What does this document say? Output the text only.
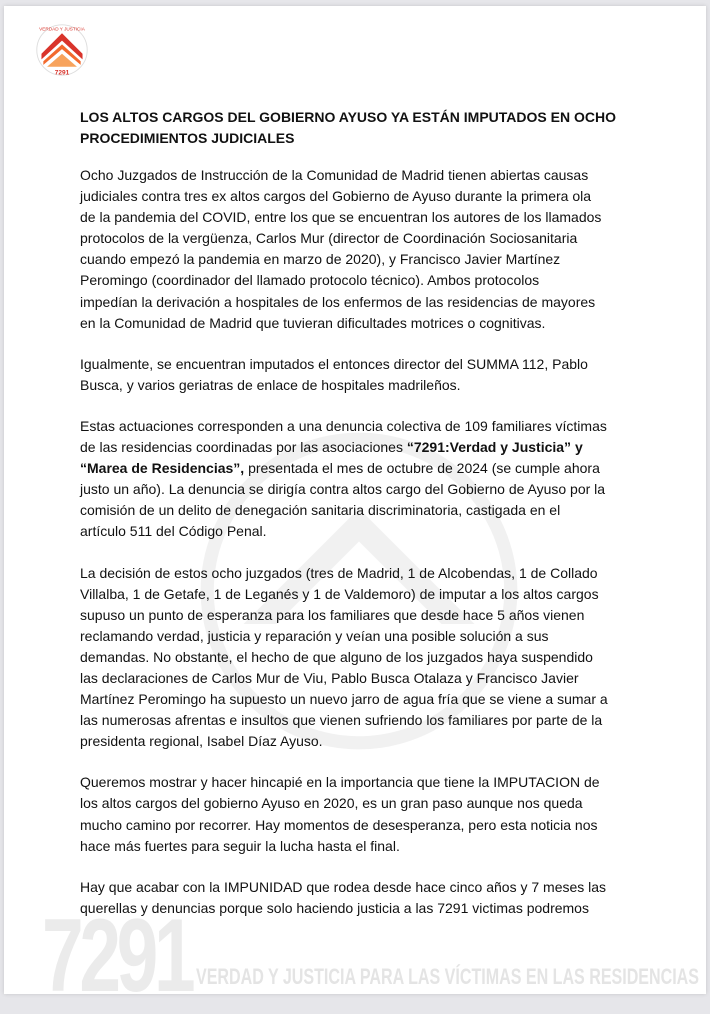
7291
VERDAD Y JUSTICIA
LOS ALTOS CARGOS DEL GOBIERNO AYUSO YA ESTÁN IMPUTADOS EN OCHO
PROCEDIMIENTOS JUDICIALES
Ocho Juzgados de Instrucción de la Comunidad de Madrid tienen abiertas causas
judiciales contra tres ex altos cargos del Gobierno de Ayuso durante la primera ola
de la pandemia del COVID, entre los que se encuentran los autores de los llamados
protocolos de la vergüenza, Carlos Mur (director de Coordinación Sociosanitaria
cuando empezó la pandemia en marzo de 2020), y Francisco Javier Martínez
Peromingo (coordinador del llamado protocolo técnico). Ambos protocolos
impedían la derivación a hospitales de los enfermos de las residencias de mayores
en la Comunidad de Madrid que tuvieran dificultades motrices o cognitivas.
Igualmente, se encuentran imputados el entonces director del SUMMA 112, Pablo
Busca, y varios geriatras de enlace de hospitales madrileños.
Estas actuaciones corresponden a una denuncia colectiva de 109 familiares víctimas
de las residencias coordinadas por las asociaciones “7291:Verdad y Justicia” y
“Marea de Residencias”, presentada el mes de octubre de 2024 (se cumple ahora
justo un año). La denuncia se dirigía contra altos cargo del Gobierno de Ayuso por la
comisión de un delito de denegación sanitaria discriminatoria, castigada en el
artículo 511 del Código Penal.
La decisión de estos ocho juzgados (tres de Madrid, 1 de Alcobendas, 1 de Collado
Villalba, 1 de Getafe, 1 de Leganés y 1 de Valdemoro) de imputar a los altos cargos
supuso un punto de esperanza para los familiares que desde hace 5 años vienen
reclamando verdad, justicia y reparación y veían una posible solución a sus
demandas. No obstante, el hecho de que alguno de los juzgados haya suspendido
las declaraciones de Carlos Mur de Viu, Pablo Busca Otalaza y Francisco Javier
Martínez Peromingo ha supuesto un nuevo jarro de agua fría que se viene a sumar a
las numerosas afrentas e insultos que vienen sufriendo los familiares por parte de la
presidenta regional, Isabel Díaz Ayuso.
Queremos mostrar y hacer hincapié en la importancia que tiene la IMPUTACION de
los altos cargos del gobierno Ayuso en 2020, es un gran paso aunque nos queda
mucho camino por recorrer. Hay momentos de desesperanza, pero esta noticia nos
hace más fuertes para seguir la lucha hasta el final.
Hay que acabar con la IMPUNIDAD que rodea desde hace cinco años y 7 meses las
querellas y denuncias porque solo haciendo justicia a las 7291 victimas podremos
7291 VERDAD Y JUSTICIA PARA LAS VÍCTIMAS EN LAS RESIDENCIAS
